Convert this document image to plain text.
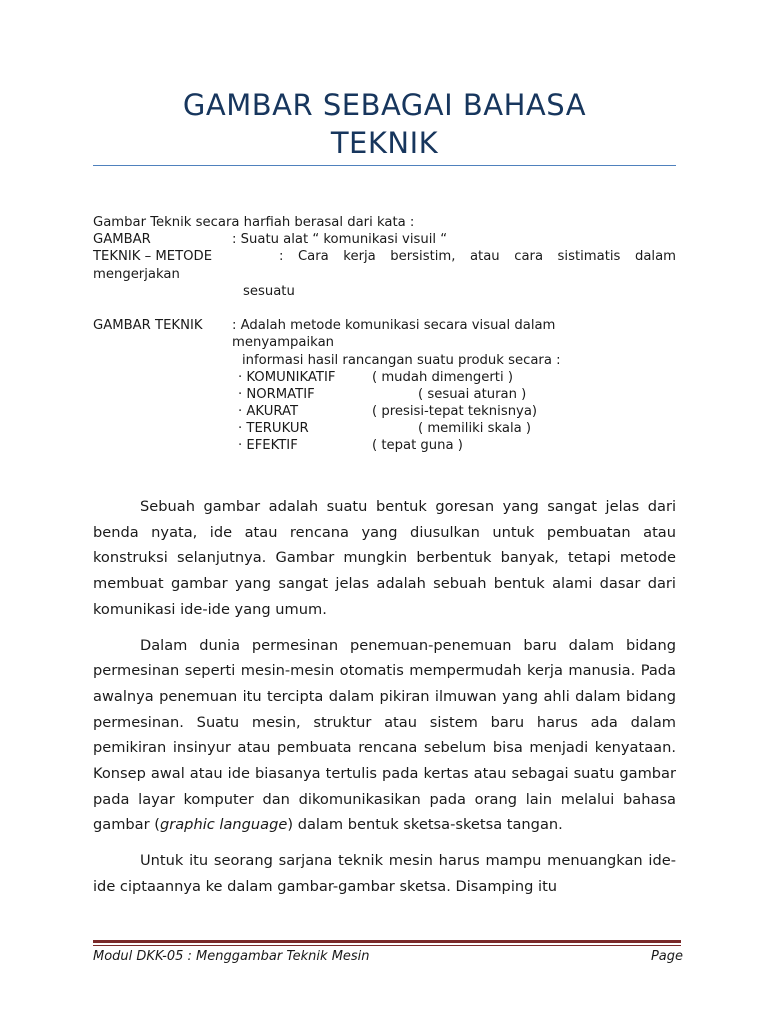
GAMBAR SEBAGAI BAHASA
TEKNIK
Gambar Teknik secara harfiah berasal dari kata :
GAMBAR	: Suatu alat “ komunikasi visuil “
TEKNIK – METODE	: Cara kerja bersistim, atau cara sistimatis dalam
mengerjakan
sesuatu
GAMBAR TEKNIK : Adalah metode komunikasi secara visual dalam
menyampaikan
informasi hasil rancangan suatu produk secara :
· KOMUNIKATIF	( mudah dimengerti )
· NORMATIF	( sesuai aturan )
· AKURAT	( presisi-tepat teknisnya)
· TERUKUR	( memiliki skala )
· EFEKTIF	( tepat guna )

Sebuah gambar adalah suatu bentuk goresan yang sangat jelas dari benda nyata, ide atau rencana yang diusulkan untuk pembuatan atau konstruksi selanjutnya. Gambar mungkin berbentuk banyak, tetapi metode membuat gambar yang sangat jelas adalah sebuah bentuk alami dasar dari komunikasi ide-ide yang umum.

Dalam dunia permesinan penemuan-penemuan baru dalam bidang permesinan seperti mesin-mesin otomatis mempermudah kerja manusia. Pada awalnya penemuan itu tercipta dalam pikiran ilmuwan yang ahli dalam bidang permesinan. Suatu mesin, struktur atau sistem baru harus ada dalam pemikiran insinyur atau pembuata rencana sebelum bisa menjadi kenyataan. Konsep awal atau ide biasanya tertulis pada kertas atau sebagai suatu gambar pada layar komputer dan dikomunikasikan pada orang lain melalui bahasa gambar (graphic language) dalam bentuk sketsa-sketsa tangan.

Untuk itu seorang sarjana teknik mesin harus mampu menuangkan ide-ide ciptaannya ke dalam gambar-gambar sketsa. Disamping itu

Modul DKK-05 : Menggambar Teknik Mesin	Page
